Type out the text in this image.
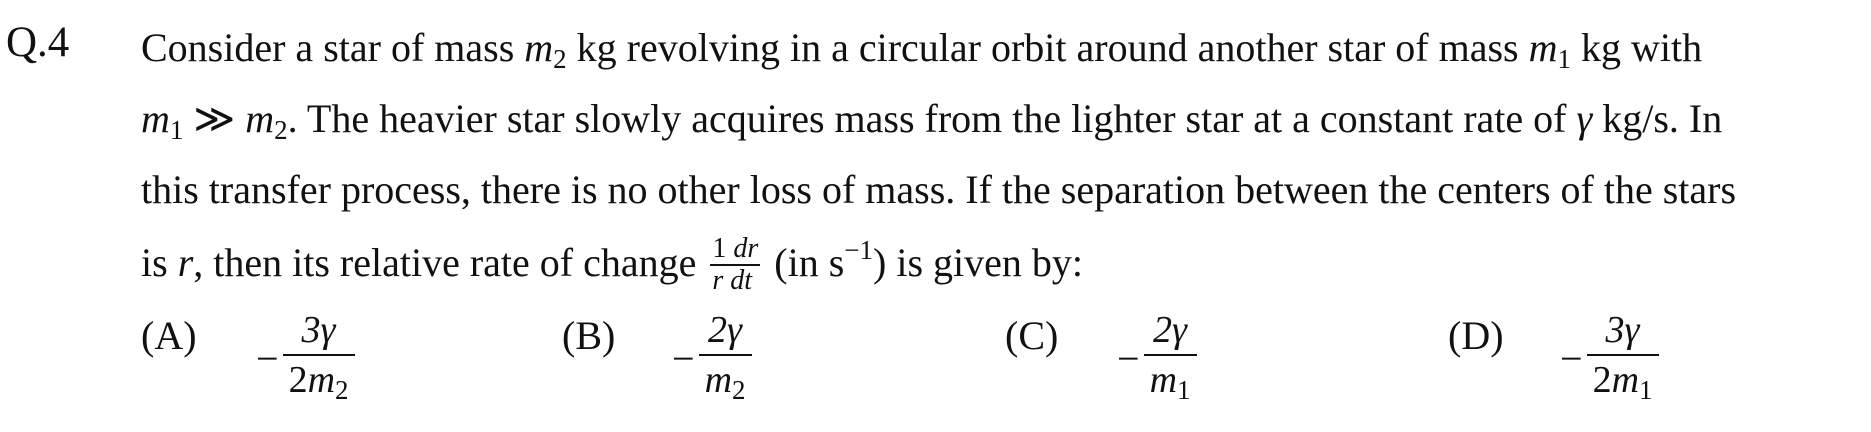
Q.4 Consider a star of mass $m_2$ kg revolving in a circular orbit around another star of mass $m_1$ kg with
$m_1$ ≫ $m_2$. The heavier star slowly acquires mass from the lighter star at a constant rate of γ kg/s. In
this transfer process, there is no other loss of mass. If the separation between the centers of the stars
is r, then its relative rate of change $\frac{1 dr}{\text{r dt}} (in$ $s^{-1}$) is given by:
$(A) - \frac{3\gamma}{2m_2}$	$(B) - \frac{2\gamma}{m_2}$	$(C) - \frac{2\gamma}{m_1}$	$(D) - \frac{3\gamma}{2m_1}$
